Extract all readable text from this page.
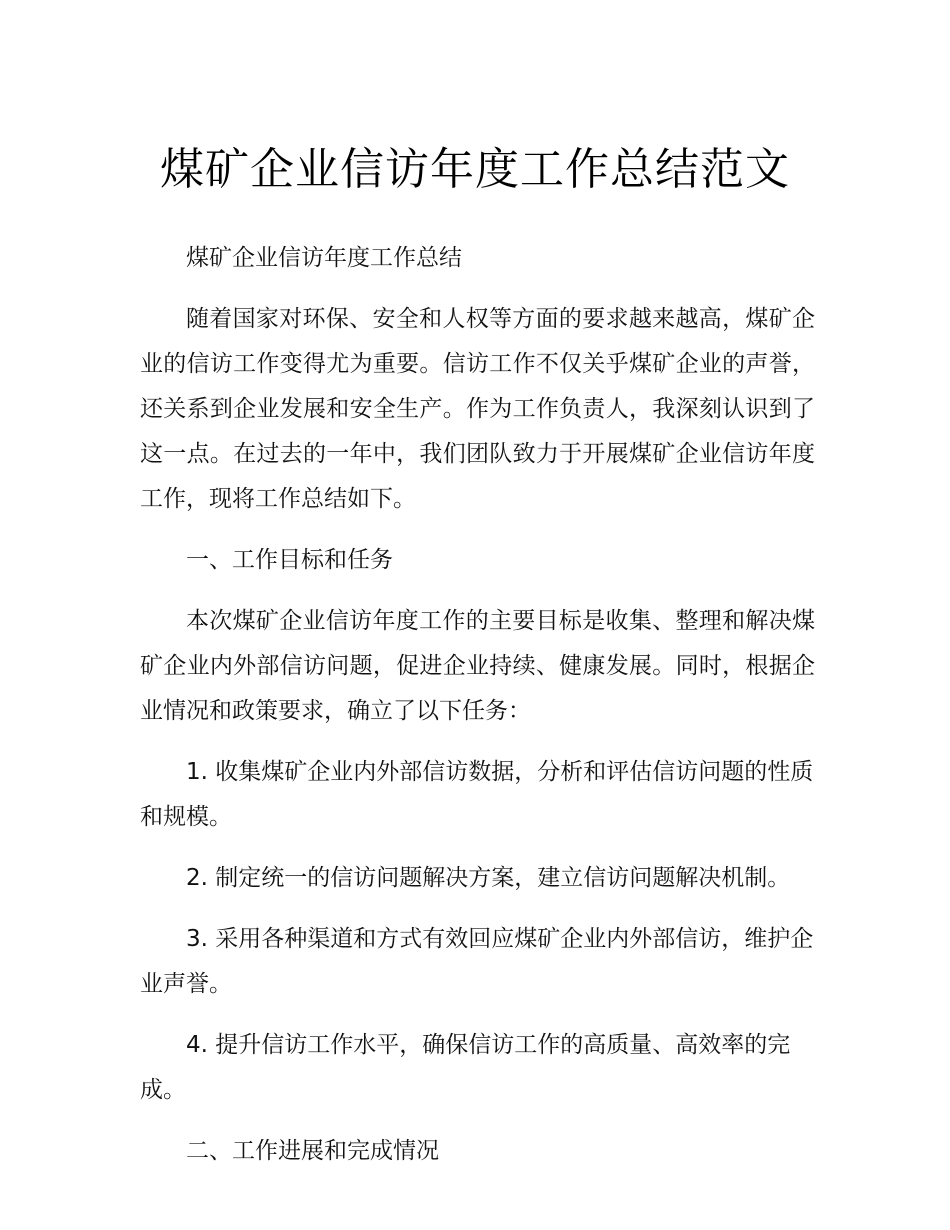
煤矿企业信访年度工作总结范文

煤矿企业信访年度工作总结

随着国家对环保、安全和人权等方面的要求越来越高，煤矿企业的信访工作变得尤为重要。信访工作不仅关乎煤矿企业的声誉，还关系到企业发展和安全生产。作为工作负责人，我深刻认识到了这一点。在过去的一年中，我们团队致力于开展煤矿企业信访年度工作，现将工作总结如下。

一、工作目标和任务

本次煤矿企业信访年度工作的主要目标是收集、整理和解决煤矿企业内外部信访问题，促进企业持续、健康发展。同时，根据企业情况和政策要求，确立了以下任务：

1. 收集煤矿企业内外部信访数据，分析和评估信访问题的性质和规模。

2. 制定统一的信访问题解决方案，建立信访问题解决机制。

3. 采用各种渠道和方式有效回应煤矿企业内外部信访，维护企业声誉。

4. 提升信访工作水平，确保信访工作的高质量、高效率的完成。

二、工作进展和完成情况
